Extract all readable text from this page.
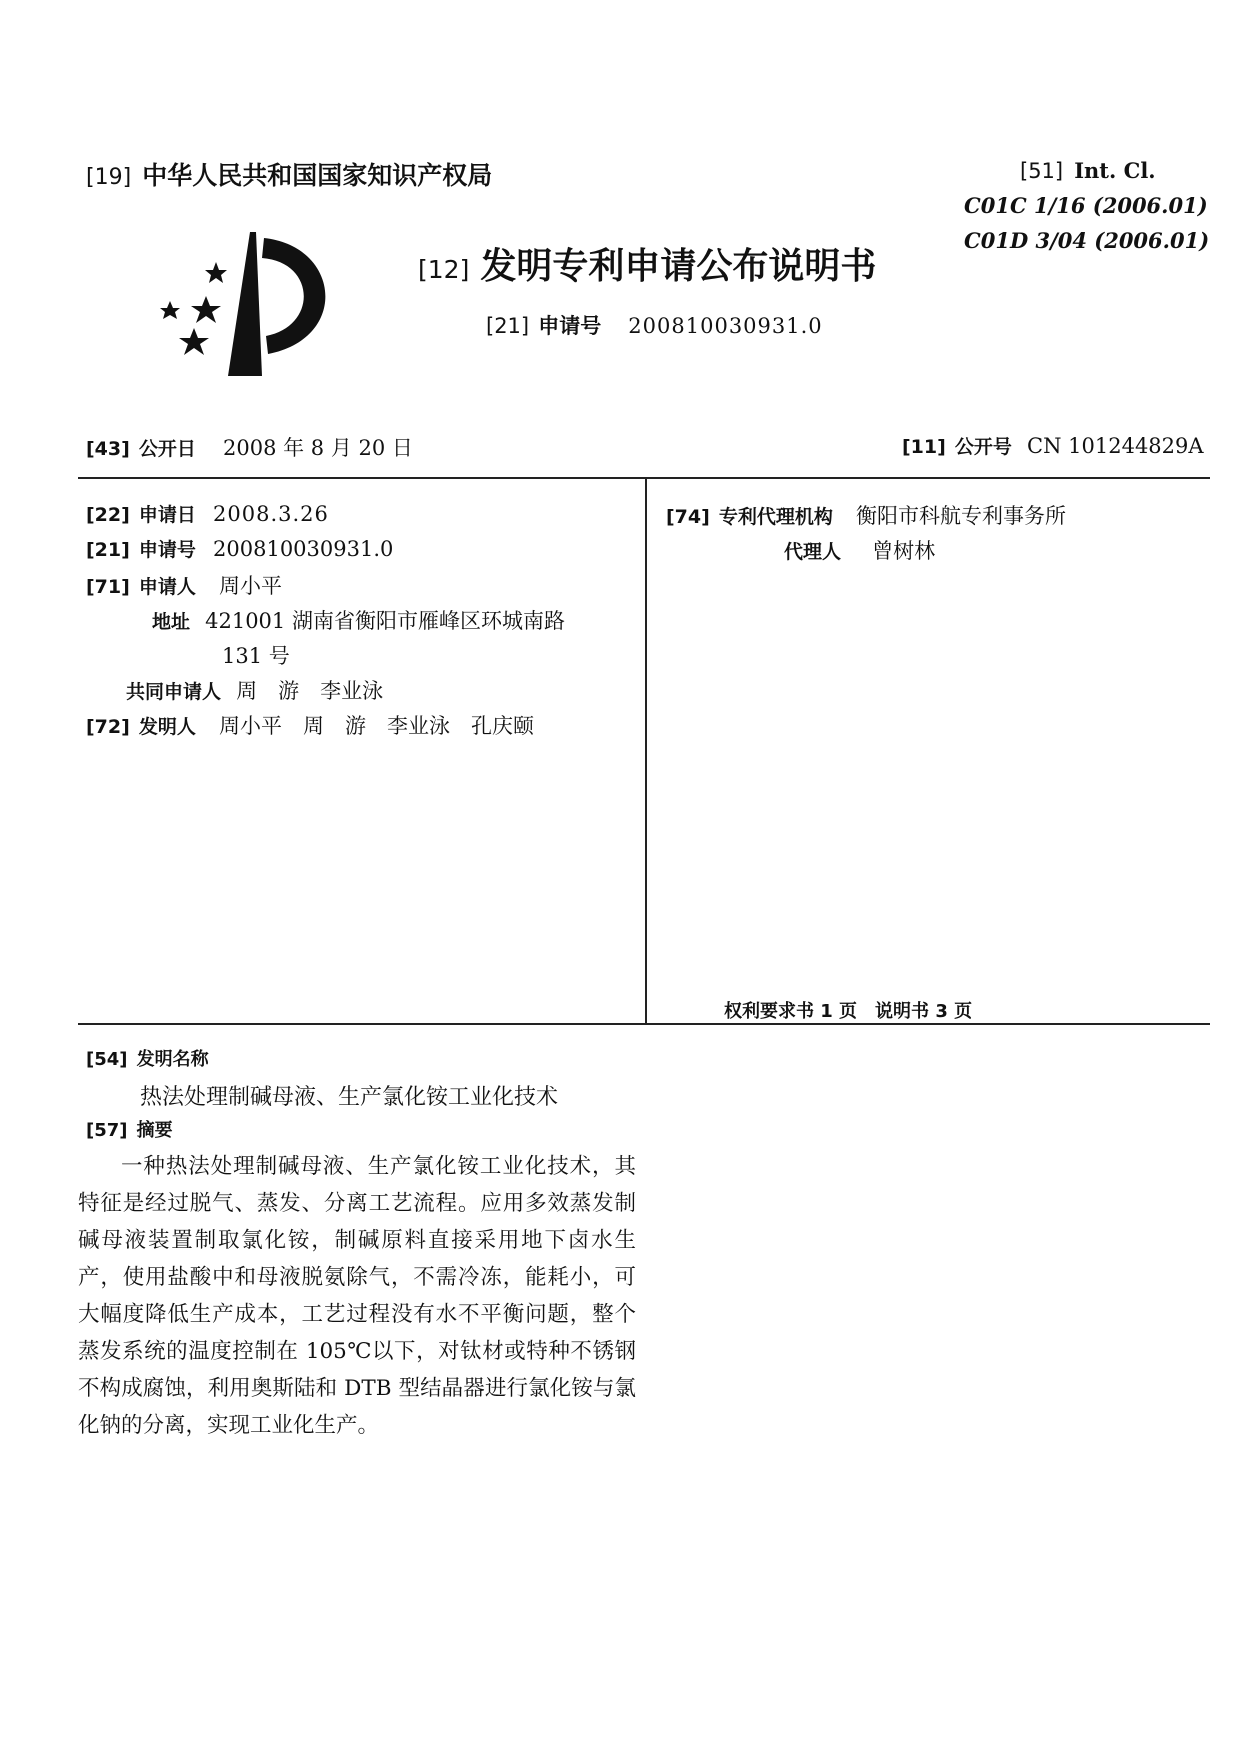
[19] 中华人民共和国国家知识产权局
[12] 发明专利申请公布说明书
[21] 申请号 200810030931.0
[51] Int. Cl.
C01C 1/16 (2006.01)
C01D 3/04 (2006.01)
[43] 公开日 2008 年 8 月 20 日	[11] 公开号 CN 101244829A
[22] 申请日 2008.3.26
[21] 申请号 200810030931.0
[71] 申请人 周小平
地址 421001 湖南省衡阳市雁峰区环城南路
131 号
共同申请人 周　游　李业泳
[72] 发明人 周小平　周　游　李业泳　孔庆颐
[74] 专利代理机构 衡阳市科航专利事务所
代理人 曾树林
权利要求书 1 页　说明书 3 页
[54] 发明名称
热法处理制碱母液、生产氯化铵工业化技术
[57] 摘要
一种热法处理制碱母液、生产氯化铵工业化技术，其特征是经过脱气、蒸发、分离工艺流程。应用多效蒸发制碱母液装置制取氯化铵，制碱原料直接采用地下卤水生产，使用盐酸中和母液脱氨除气，不需冷冻，能耗小，可大幅度降低生产成本，工艺过程没有水不平衡问题，整个蒸发系统的温度控制在 105℃以下，对钛材或特种不锈钢不构成腐蚀，利用奥斯陆和 DTB 型结晶器进行氯化铵与氯化钠的分离，实现工业化生产。
